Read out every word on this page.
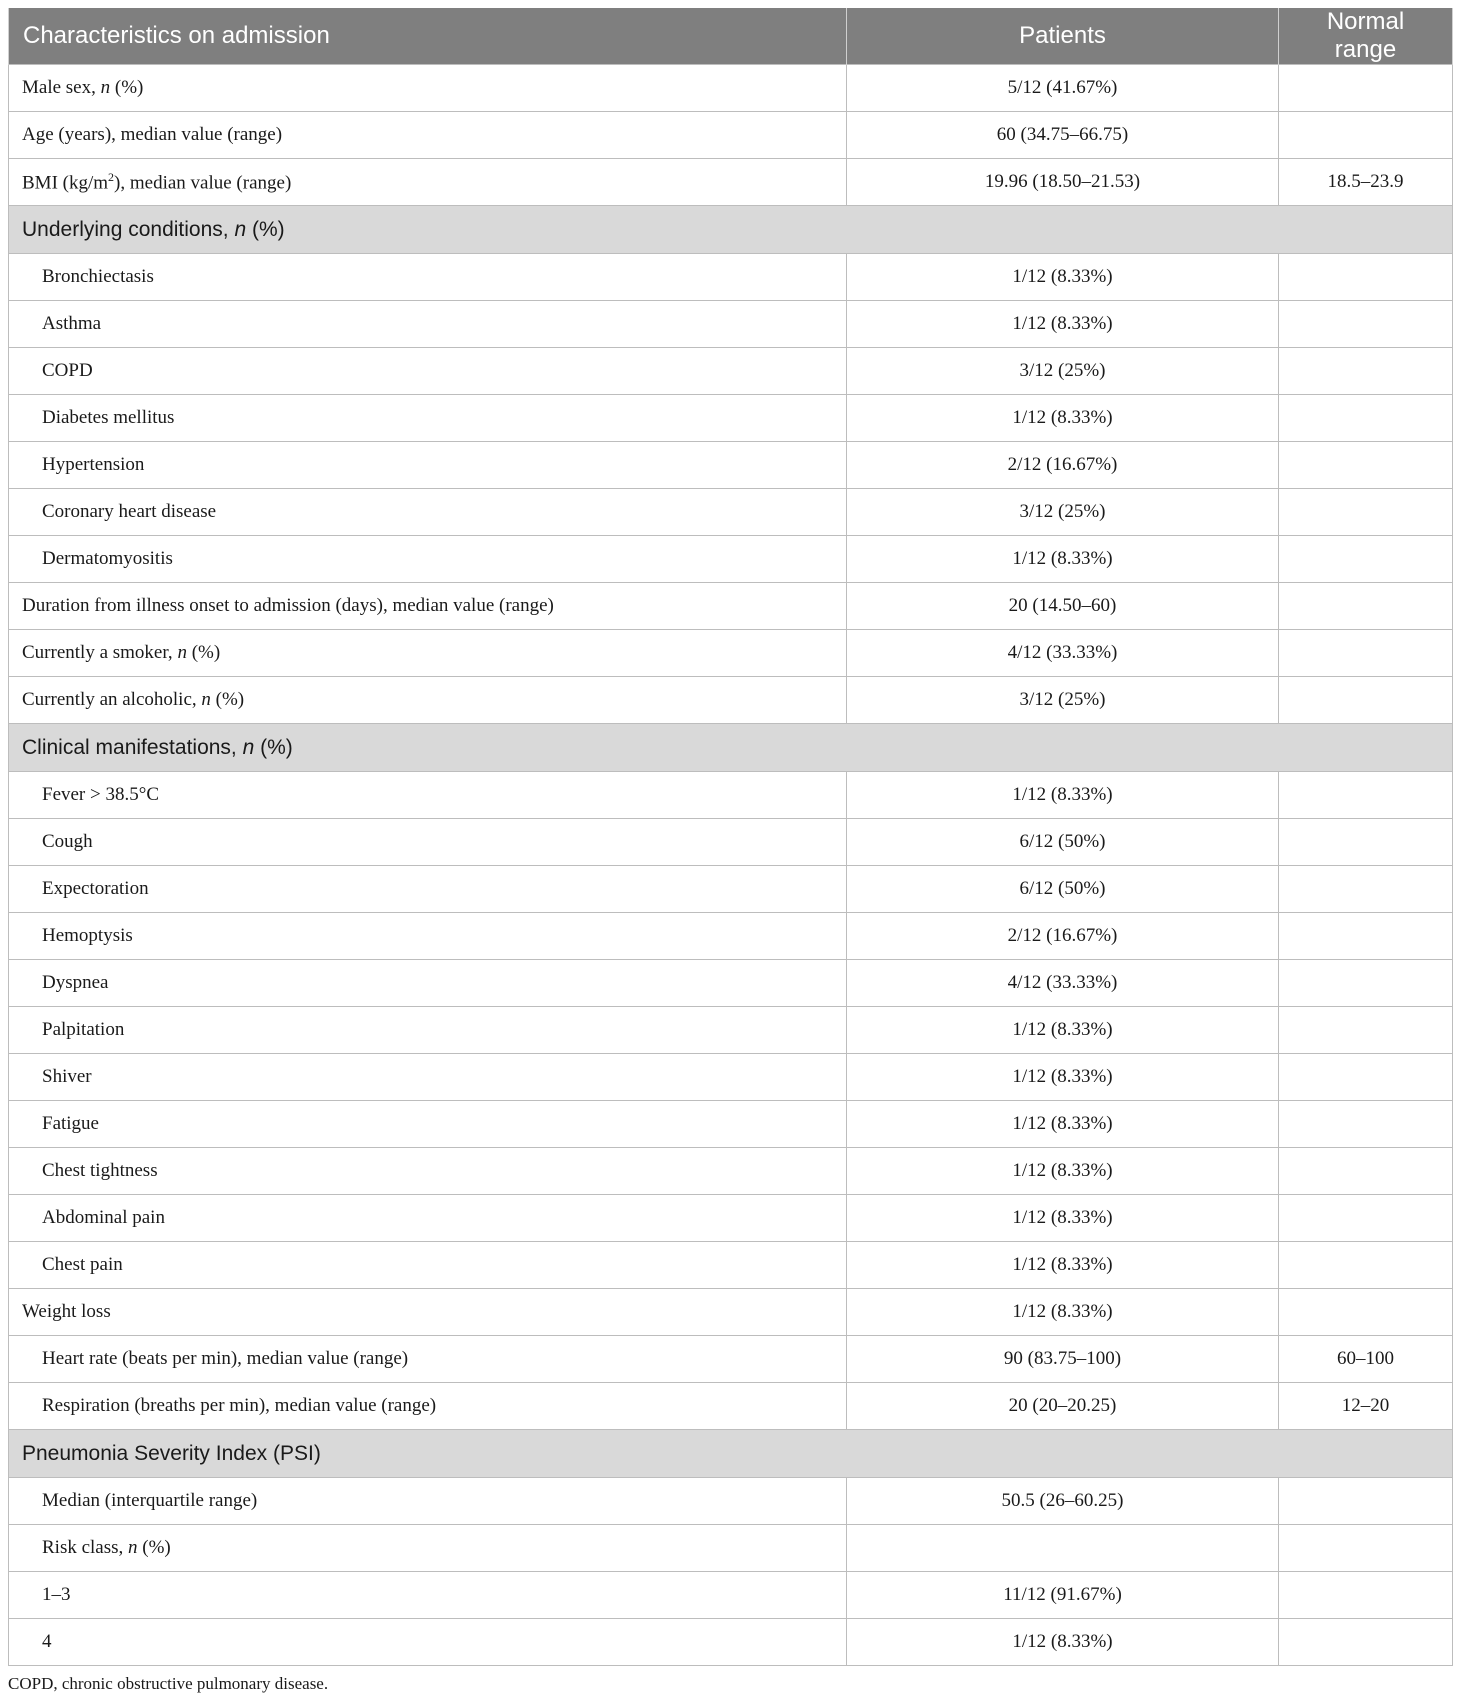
Characteristics on admission	Patients	Normal range
Male sex, n (%)	5/12 (41.67%)	
Age (years), median value (range)	60 (34.75–66.75)	
BMI $(kg/m^2)$, median value (range)	19.96 (18.50–21.53)	18.5–23.9
Underlying conditions, n (%)		
Bronchiectasis	1/12 (8.33%)	
Asthma	1/12 (8.33%)	
COPD	3/12 (25%)	
Diabetes mellitus	1/12 (8.33%)	
Hypertension	2/12 (16.67%)	
Coronary heart disease	3/12 (25%)	
Dermatomyositis	1/12 (8.33%)	
Duration from illness onset to admission (days), median value (range)	20 (14.50–60)	
Currently a smoker, n (%)	4/12 (33.33%)	
Currently an alcoholic, n (%)	3/12 (25%)	
Clinical manifestations, n (%)		
Fever > 38.5°C	1/12 (8.33%)	
Cough	6/12 (50%)	
Expectoration	6/12 (50%)	
Hemoptysis	2/12 (16.67%)	
Dyspnea	4/12 (33.33%)	
Palpitation	1/12 (8.33%)	
Shiver	1/12 (8.33%)	
Fatigue	1/12 (8.33%)	
Chest tightness	1/12 (8.33%)	
Abdominal pain	1/12 (8.33%)	
Chest pain	1/12 (8.33%)	
Weight loss	1/12 (8.33%)	
Heart rate (beats per min), median value (range)	90 (83.75–100)	60–100
Respiration (breaths per min), median value (range)	20 (20–20.25)	12–20
Pneumonia Severity Index (PSI)		
Median (interquartile range)	50.5 (26–60.25)	
Risk class, n (%)		
1–3	11/12 (91.67%)	
4	1/12 (8.33%)	
COPD, chronic obstructive pulmonary disease.
